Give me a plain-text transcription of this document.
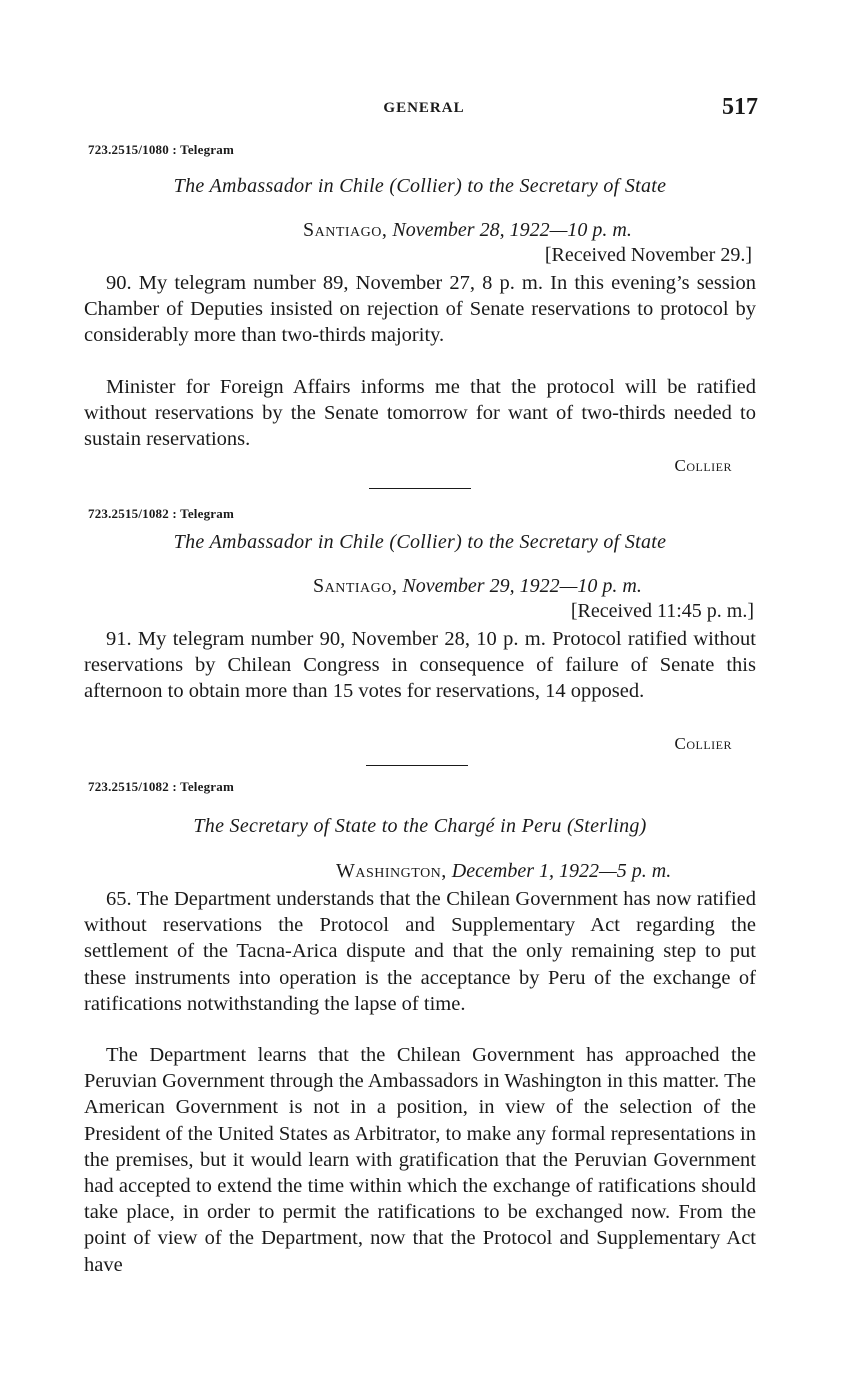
GENERAL	517
723.2515/1080 : Telegram
The Ambassador in Chile (Collier) to the Secretary of State
Santiago, November 28, 1922—10 p. m.
[Received November 29.]

90. My telegram number 89, November 27, 8 p. m. In this evening’s session Chamber of Deputies insisted on rejection of Senate reservations to protocol by considerably more than two-thirds majority.

Minister for Foreign Affairs informs me that the protocol will be ratified without reservations by the Senate tomorrow for want of two-thirds needed to sustain reservations.

Collier
723.2515/1082 : Telegram
The Ambassador in Chile (Collier) to the Secretary of State
Santiago, November 29, 1922—10 p. m.
[Received 11:45 p. m.]

91. My telegram number 90, November 28, 10 p. m. Protocol ratified without reservations by Chilean Congress in consequence of failure of Senate this afternoon to obtain more than 15 votes for reservations, 14 opposed.

Collier
723.2515/1082 : Telegram
The Secretary of State to the Chargé in Peru (Sterling)
Washington, December 1, 1922—5 p. m.

65. The Department understands that the Chilean Government has now ratified without reservations the Protocol and Supplementary Act regarding the settlement of the Tacna-Arica dispute and that the only remaining step to put these instruments into operation is the acceptance by Peru of the exchange of ratifications notwithstanding the lapse of time.

The Department learns that the Chilean Government has approached the Peruvian Government through the Ambassadors in Washington in this matter. The American Government is not in a position, in view of the selection of the President of the United States as Arbitrator, to make any formal representations in the premises, but it would learn with gratification that the Peruvian Government had accepted to extend the time within which the exchange of ratifications should take place, in order to permit the ratifications to be exchanged now. From the point of view of the Department, now that the Protocol and Supplementary Act have
